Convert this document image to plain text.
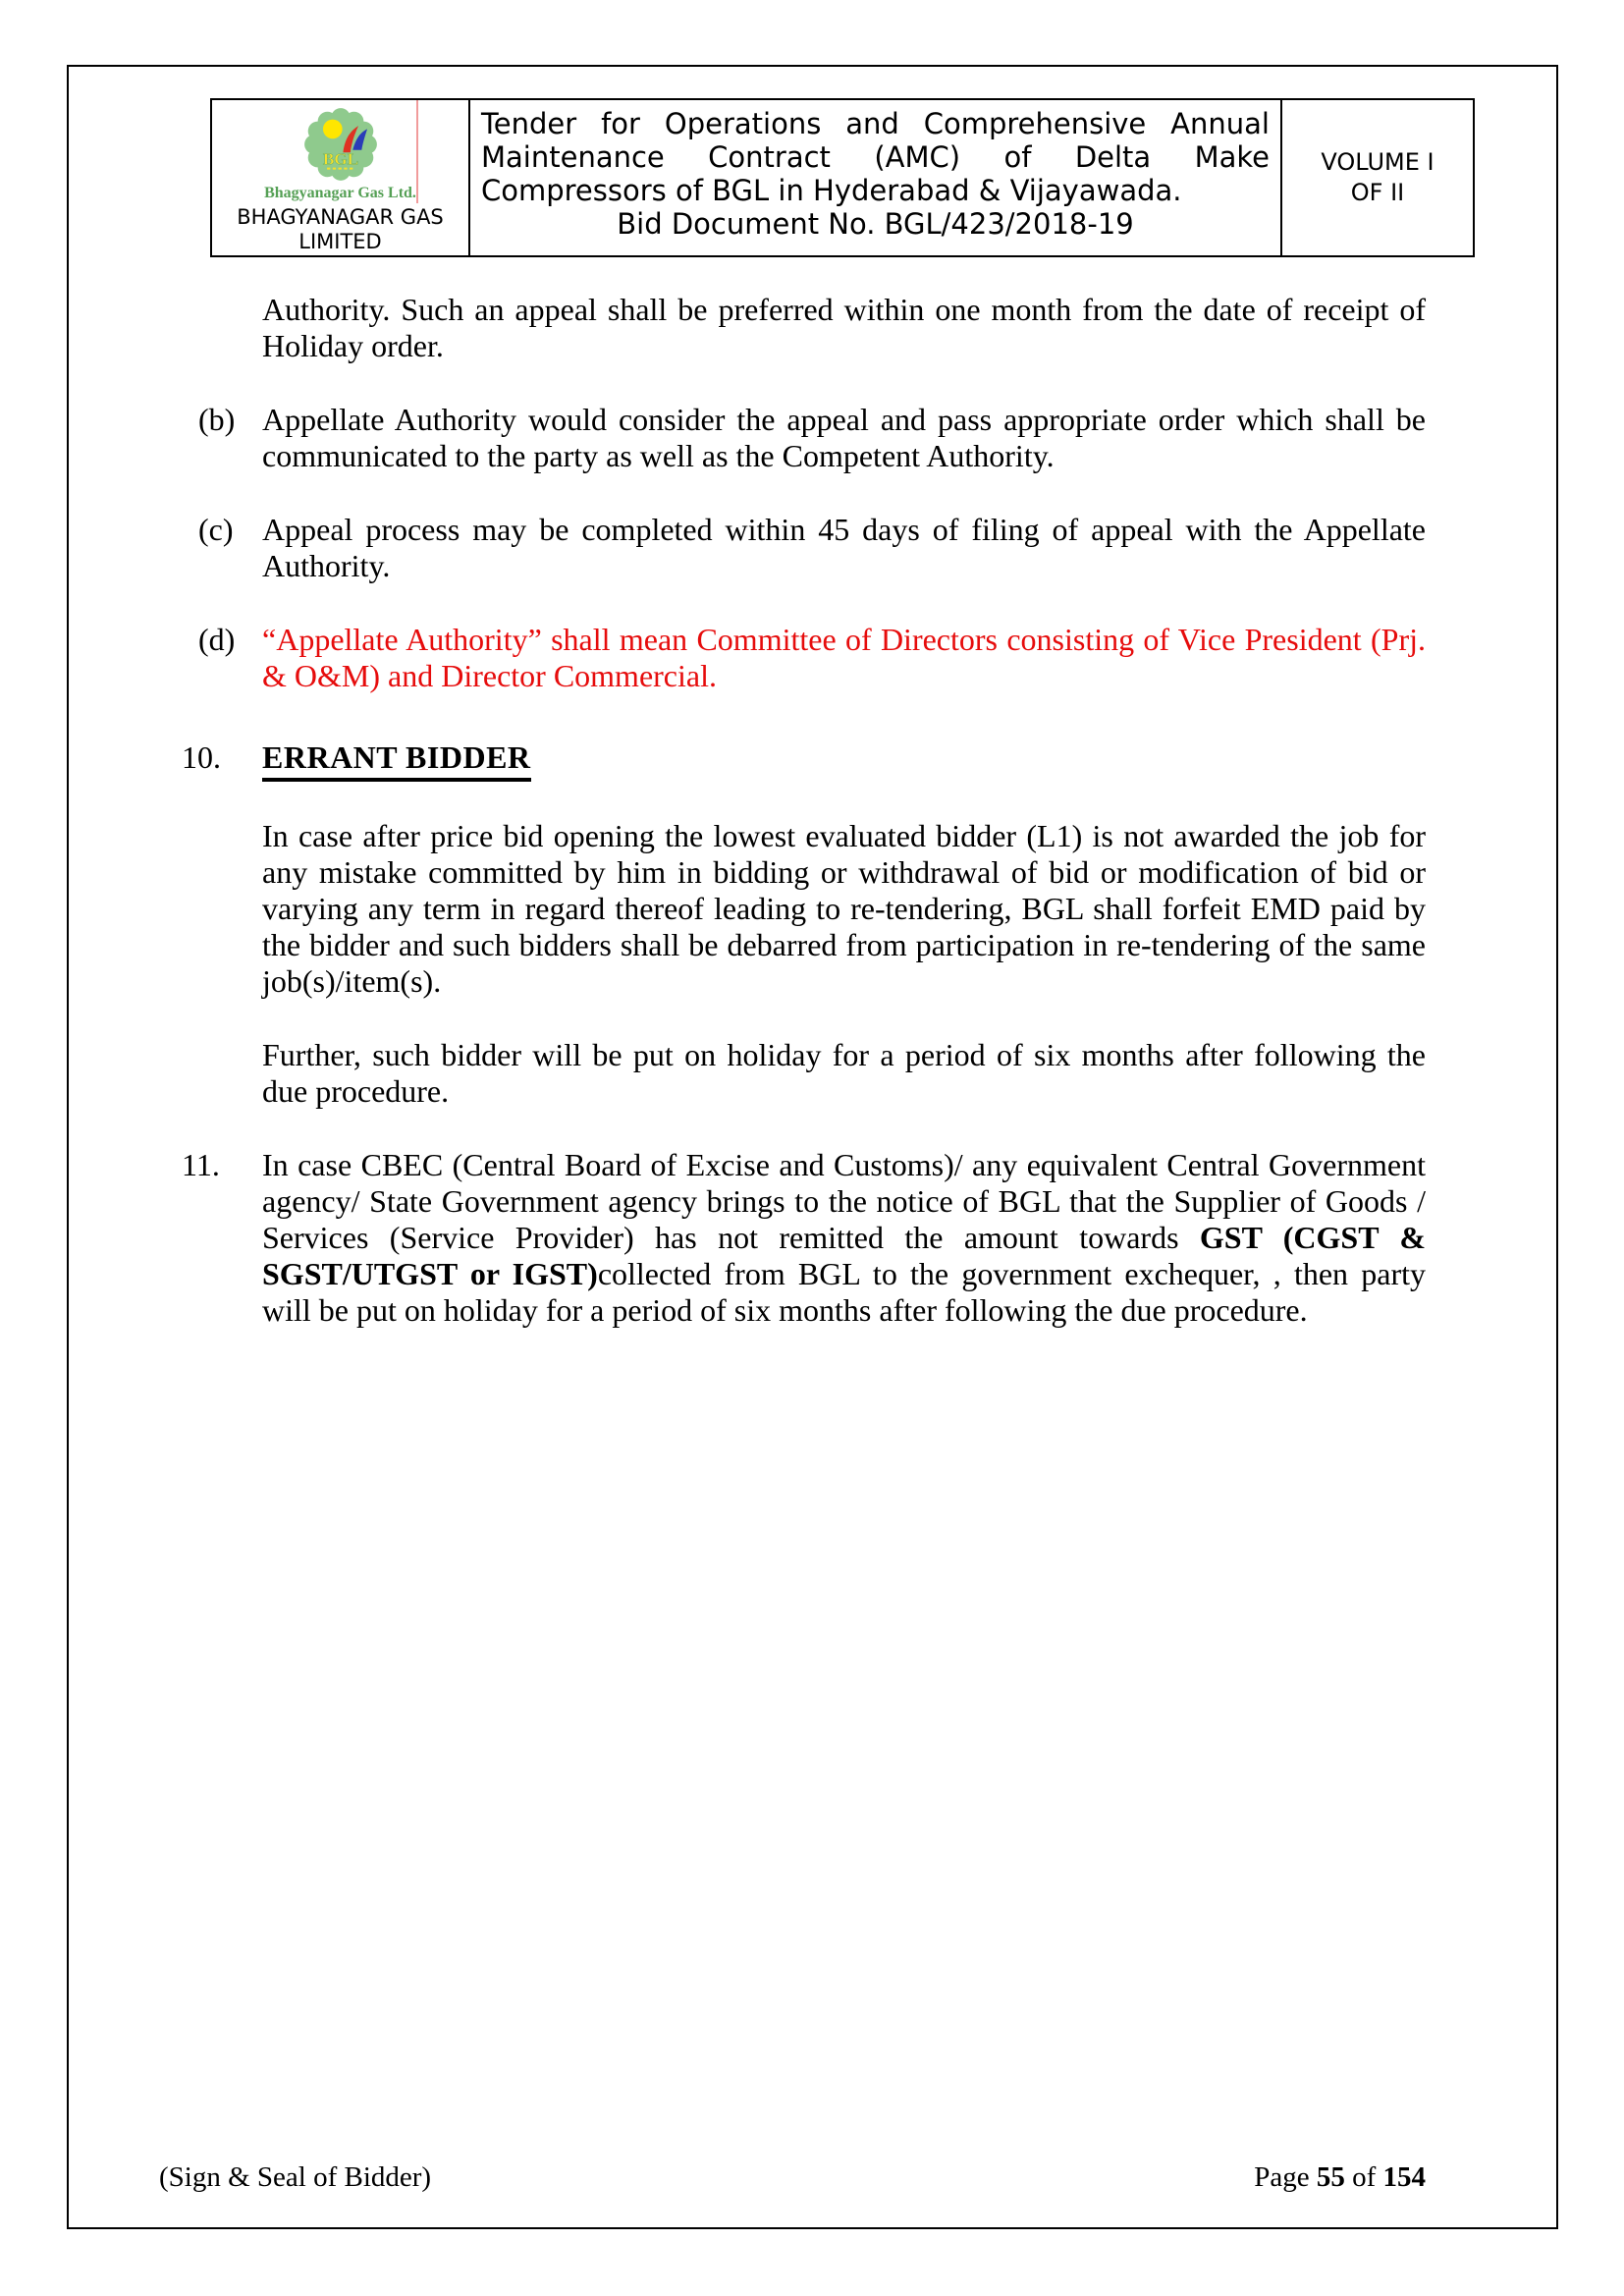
BGL
Bhagyanagar Gas Ltd.
BHAGYANAGAR GAS LIMITED
Tender for Operations and Comprehensive Annual
Maintenance Contract (AMC) of Delta Make
Compressors of BGL in Hyderabad & Vijayawada.
Bid Document No. BGL/423/2018-19
VOLUME I
OF II

Authority. Such an appeal shall be preferred within one month from the date of receipt of Holiday order.

(b) Appellate Authority would consider the appeal and pass appropriate order which shall be communicated to the party as well as the Competent Authority.
(c) Appeal process may be completed within 45 days of filing of appeal with the Appellate Authority.
(d) “Appellate Authority” shall mean Committee of Directors consisting of Vice President (Prj. & O&M) and Director Commercial.
10. ERRANT BIDDER

In case after price bid opening the lowest evaluated bidder (L1) is not awarded the job for any mistake committed by him in bidding or withdrawal of bid or modification of bid or varying any term in regard thereof leading to re-tendering, BGL shall forfeit EMD paid by the bidder and such bidders shall be debarred from participation in re-tendering of the same job(s)/item(s).

Further, such bidder will be put on holiday for a period of six months after following the due procedure.

11. In case CBEC (Central Board of Excise and Customs)/ any equivalent Central Government agency/ State Government agency brings to the notice of BGL that the Supplier of Goods / Services (Service Provider) has not remitted the amount towards GST (CGST & SGST/UTGST or IGST)collected from BGL to the government exchequer, , then party will be put on holiday for a period of six months after following the due procedure.
(Sign & Seal of Bidder)	Page 55 of 154
